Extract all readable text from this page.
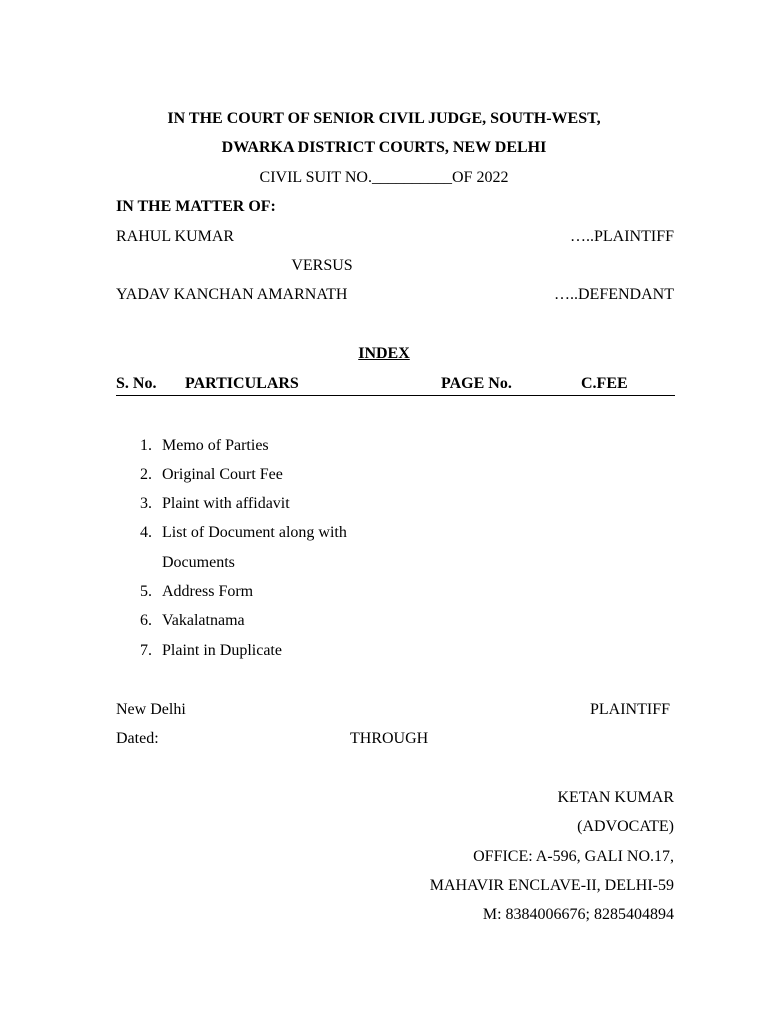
IN THE COURT OF SENIOR CIVIL JUDGE, SOUTH-WEST,
DWARKA DISTRICT COURTS, NEW DELHI
CIVIL SUIT NO.__________OF 2022
IN THE MATTER OF:
RAHUL KUMAR	…..PLAINTIFF
VERSUS
YADAV KANCHAN AMARNATH	…..DEFENDANT
INDEX
S. No. PARTICULARS	PAGE No.	C.FEE
1. Memo of Parties
2. Original Court Fee
3. Plaint with affidavit
4. List of Document along with
Documents
5. Address Form
6. Vakalatnama
7. Plaint in Duplicate
New Delhi	PLAINTIFF
Dated:	THROUGH
KETAN KUMAR
(ADVOCATE)
OFFICE: A-596, GALI NO.17,
MAHAVIR ENCLAVE-II, DELHI-59
M: 8384006676; 8285404894
